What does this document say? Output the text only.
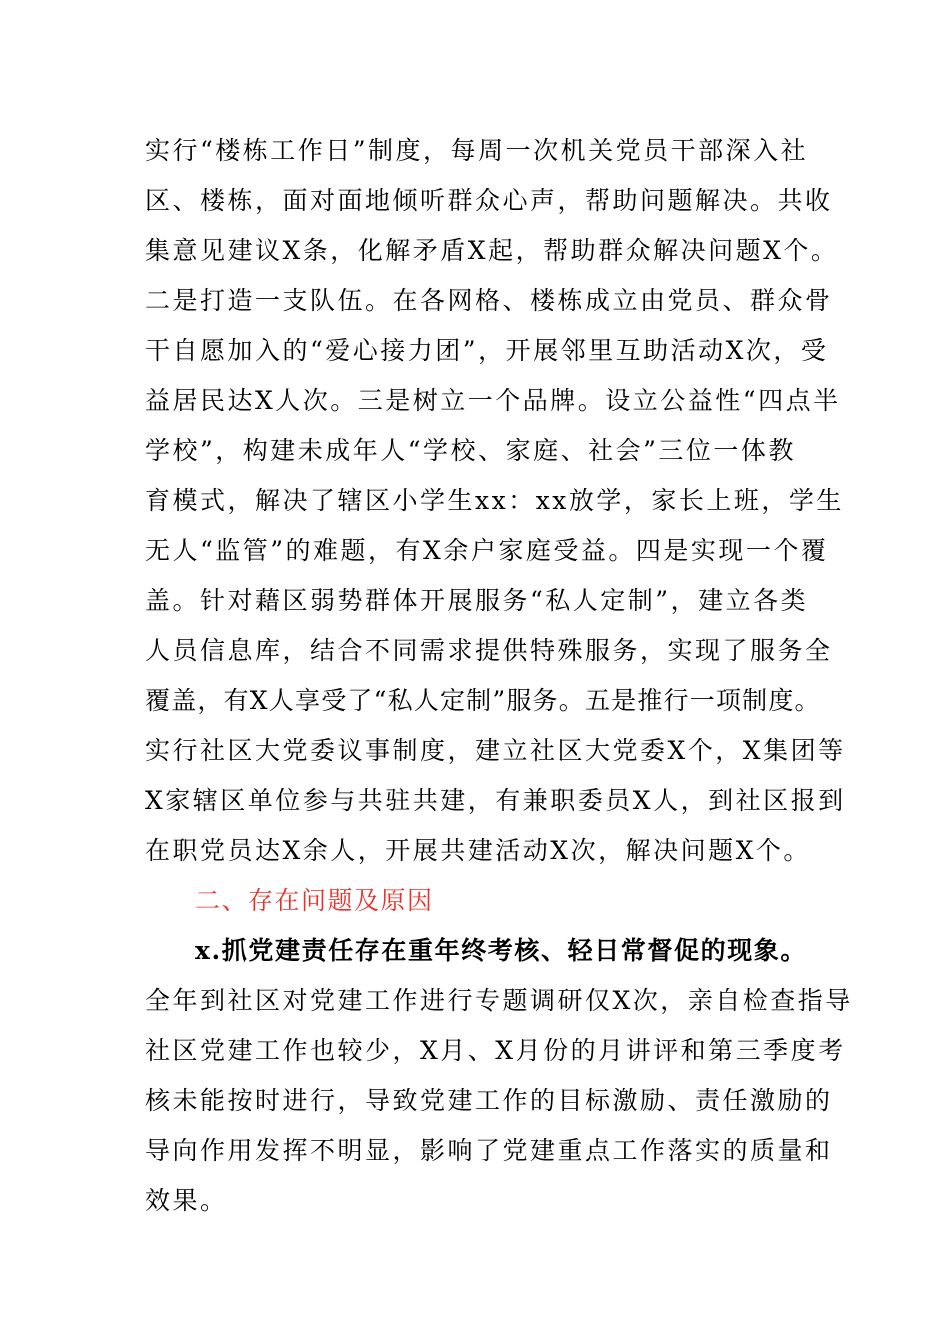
实行“楼栋工作日”制度，每周一次机关党员干部深入社
区、楼栋，面对面地倾听群众心声，帮助问题解决。共收
集意见建议X条，化解矛盾X起，帮助群众解决问题X个。
二是打造一支队伍。在各网格、楼栋成立由党员、群众骨
干自愿加入的“爱心接力团”，开展邻里互助活动X次，受
益居民达X人次。三是树立一个品牌。设立公益性“四点半
学校”，构建未成年人“学校、家庭、社会”三位一体教
育模式，解决了辖区小学生xx：xx放学，家长上班，学生
无人“监管”的难题，有X余户家庭受益。四是实现一个覆
盖。针对藉区弱势群体开展服务“私人定制”，建立各类
人员信息库，结合不同需求提供特殊服务，实现了服务全
覆盖，有X人享受了“私人定制”服务。五是推行一项制度。
实行社区大党委议事制度，建立社区大党委X个，X集团等
X家辖区单位参与共驻共建，有兼职委员X人，到社区报到
在职党员达X余人，开展共建活动X次，解决问题X个。
二、存在问题及原因
x.抓党建责任存在重年终考核、轻日常督促的现象。
全年到社区对党建工作进行专题调研仅X次，亲自检查指导
社区党建工作也较少，X月、X月份的月讲评和第三季度考
核未能按时进行，导致党建工作的目标激励、责任激励的
导向作用发挥不明显，影响了党建重点工作落实的质量和
效果。
